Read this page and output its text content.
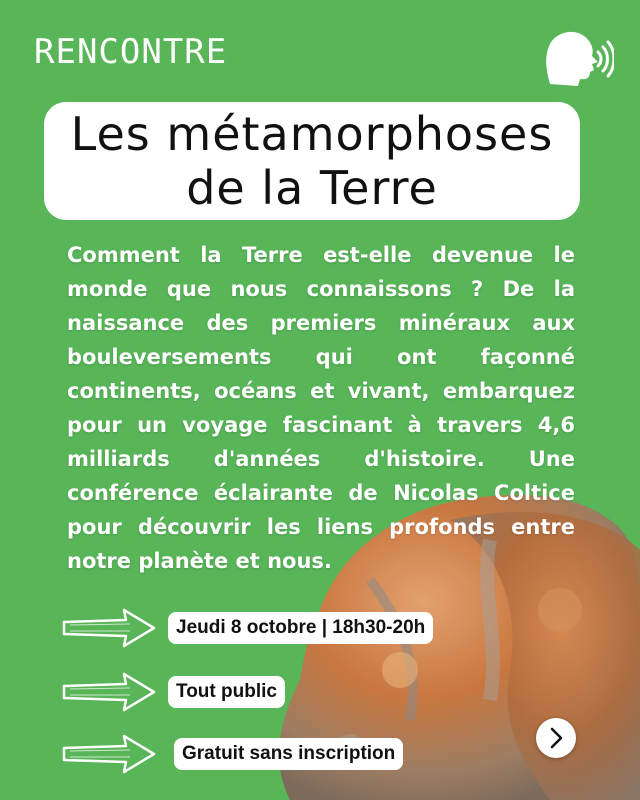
RENCONTRE
Les métamorphoses
de la Terre
Comment la Terre est-elle devenue le monde que nous connaissons ? De la naissance des premiers minéraux aux bouleversements qui ont façonné continents, océans et vivant, embarquez pour un voyage fascinant à travers 4,6 milliards d'années d'histoire. Une conférence éclairante de Nicolas Coltice pour découvrir les liens profonds entre notre planète et nous.
Jeudi 8 octobre | 18h30-20h
Tout public
Gratuit sans inscription
